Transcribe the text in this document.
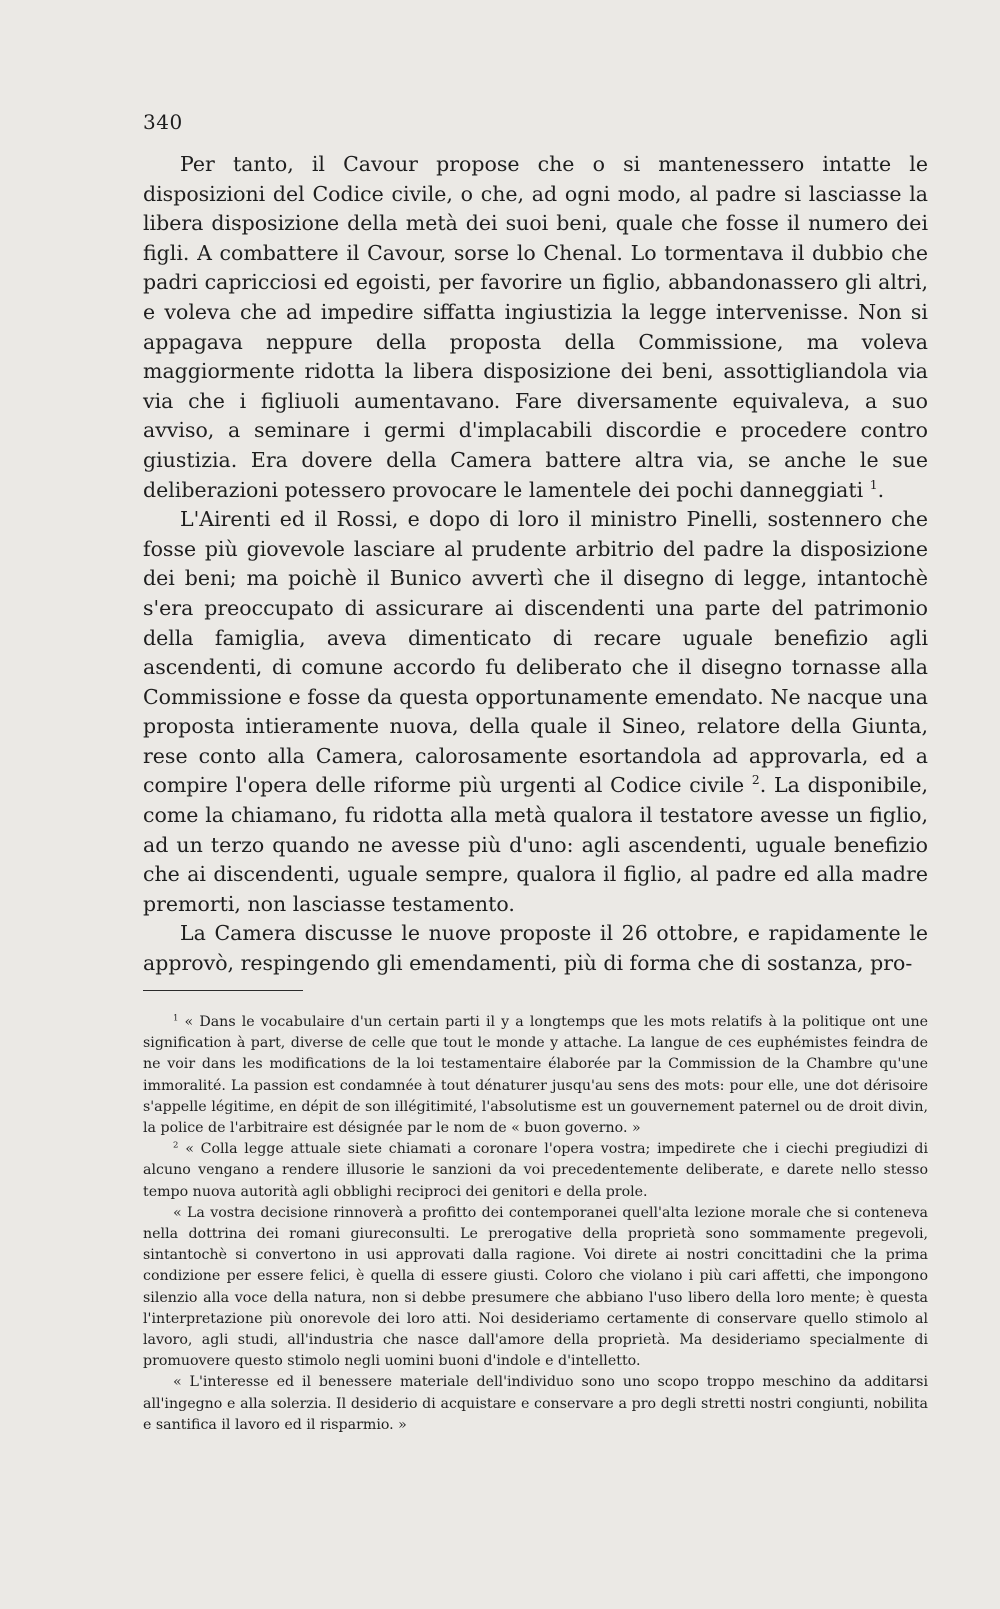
340

Per tanto, il Cavour propose che o si mantenessero intatte le disposizioni del Codice civile, o che, ad ogni modo, al padre si lasciasse la libera disposizione della metà dei suoi beni, quale che fosse il numero dei figli. A combattere il Cavour, sorse lo Chenal. Lo tormentava il dubbio che padri capricciosi ed egoisti, per favorire un figlio, abbandonassero gli altri, e voleva che ad impedire siffatta ingiustizia la legge intervenisse. Non si appagava neppure della proposta della Commissione, ma voleva maggiormente ridotta la libera disposizione dei beni, assottigliandola via via che i figliuoli aumentavano. Fare diversamente equivaleva, a suo avviso, a seminare i germi d'implacabili discordie e procedere contro giustizia. Era dovere della Camera battere altra via, se anche le sue deliberazioni potessero provocare le lamentele dei pochi danneggiati $^1$.

L'Airenti ed il Rossi, e dopo di loro il ministro Pinelli, sostennero che fosse più giovevole lasciare al prudente arbitrio del padre la disposizione dei beni; ma poichè il Bunico avvertì che il disegno di legge, intantochè s'era preoccupato di assicurare ai discendenti una parte del patrimonio della famiglia, aveva dimenticato di recare uguale benefizio agli ascendenti, di comune accordo fu deliberato che il disegno tornasse alla Commissione e fosse da questa opportunamente emendato. Ne nacque una proposta intieramente nuova, della quale il Sineo, relatore della Giunta, rese conto alla Camera, calorosamente esortandola ad approvarla, ed a compire l'opera delle riforme più urgenti al Codice civile $^2$. La disponibile, come la chiamano, fu ridotta alla metà qualora il testatore avesse un figlio, ad un terzo quando ne avesse più d'uno: agli ascendenti, uguale benefizio che ai discendenti, uguale sempre, qualora il figlio, al padre ed alla madre premorti, non lasciasse testamento.

La Camera discusse le nuove proposte il 26 ottobre, e rapidamente le approvò, respingendo gli emendamenti, più di forma che di sostanza, pro-

$^1$ « Dans le vocabulaire d'un certain parti il y a longtemps que les mots relatifs à la politique ont une signification à part, diverse de celle que tout le monde y attache. La langue de ces euphémistes feindra de ne voir dans les modifications de la loi testamentaire élaborée par la Commission de la Chambre qu'une immoralité. La passion est condamnée à tout dénaturer jusqu'au sens des mots: pour elle, une dot dérisoire s'appelle légitime, en dépit de son illégitimité, l'absolutisme est un gouvernement paternel ou de droit divin, la police de l'arbitraire est désignée par le nom de « buon governo. »

$^2$ « Colla legge attuale siete chiamati a coronare l'opera vostra; impedirete che i ciechi pregiudizi di alcuno vengano a rendere illusorie le sanzioni da voi precedentemente deliberate, e darete nello stesso tempo nuova autorità agli obblighi reciproci dei genitori e della prole.

« La vostra decisione rinnoverà a profitto dei contemporanei quell'alta lezione morale che si conteneva nella dottrina dei romani giureconsulti. Le prerogative della proprietà sono sommamente pregevoli, sintantochè si convertono in usi approvati dalla ragione. Voi direte ai nostri concittadini che la prima condizione per essere felici, è quella di essere giusti. Coloro che violano i più cari affetti, che impongono silenzio alla voce della natura, non si debbe presumere che abbiano l'uso libero della loro mente; è questa l'interpretazione più onorevole dei loro atti. Noi desideriamo certamente di conservare quello stimolo al lavoro, agli studi, all'industria che nasce dall'amore della proprietà. Ma desideriamo specialmente di promuovere questo stimolo negli uomini buoni d'indole e d'intelletto.

« L'interesse ed il benessere materiale dell'individuo sono uno scopo troppo meschino da additarsi all'ingegno e alla solerzia. Il desiderio di acquistare e conservare a pro degli stretti nostri congiunti, nobilita e santifica il lavoro ed il risparmio. »
